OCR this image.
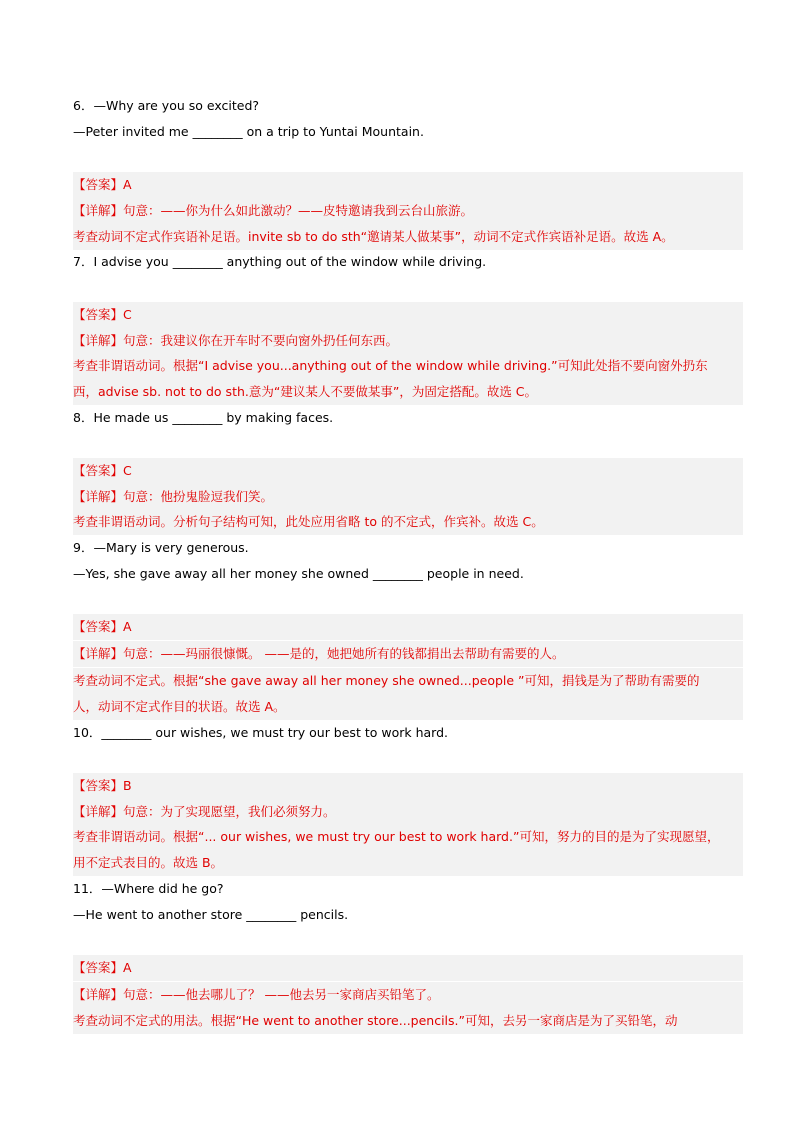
6．—Why are you so excited?
—Peter invited me ________ on a trip to Yuntai Mountain.
【答案】A
【详解】句意：——你为什么如此激动？——皮特邀请我到云台山旅游。
考查动词不定式作宾语补足语。invite sb to do sth“邀请某人做某事”，动词不定式作宾语补足语。故选 A。
7．I advise you ________ anything out of the window while driving.
【答案】C
【详解】句意：我建议你在开车时不要向窗外扔任何东西。
考查非谓语动词。根据“I advise you...anything out of the window while driving.”可知此处指不要向窗外扔东
西，advise sb. not to do sth.意为“建议某人不要做某事”，为固定搭配。故选 C。
8．He made us ________ by making faces.
【答案】C
【详解】句意：他扮鬼脸逗我们笑。
考查非谓语动词。分析句子结构可知，此处应用省略 to 的不定式，作宾补。故选 C。
9．—Mary is very generous.
—Yes, she gave away all her money she owned ________ people in need.
【答案】A
【详解】句意：——玛丽很慷慨。 ——是的，她把她所有的钱都捐出去帮助有需要的人。
考查动词不定式。根据“she gave away all her money she owned...people ”可知，捐钱是为了帮助有需要的
人，动词不定式作目的状语。故选 A。
10．________ our wishes, we must try our best to work hard.
【答案】B
【详解】句意：为了实现愿望，我们必须努力。
考查非谓语动词。根据“... our wishes, we must try our best to work hard.”可知，努力的目的是为了实现愿望，
用不定式表目的。故选 B。
11．—Where did he go?
—He went to another store ________ pencils.
【答案】A
【详解】句意：——他去哪儿了？ ——他去另一家商店买铅笔了。
考查动词不定式的用法。根据“He went to another store...pencils.”可知，去另一家商店是为了买铅笔，动
